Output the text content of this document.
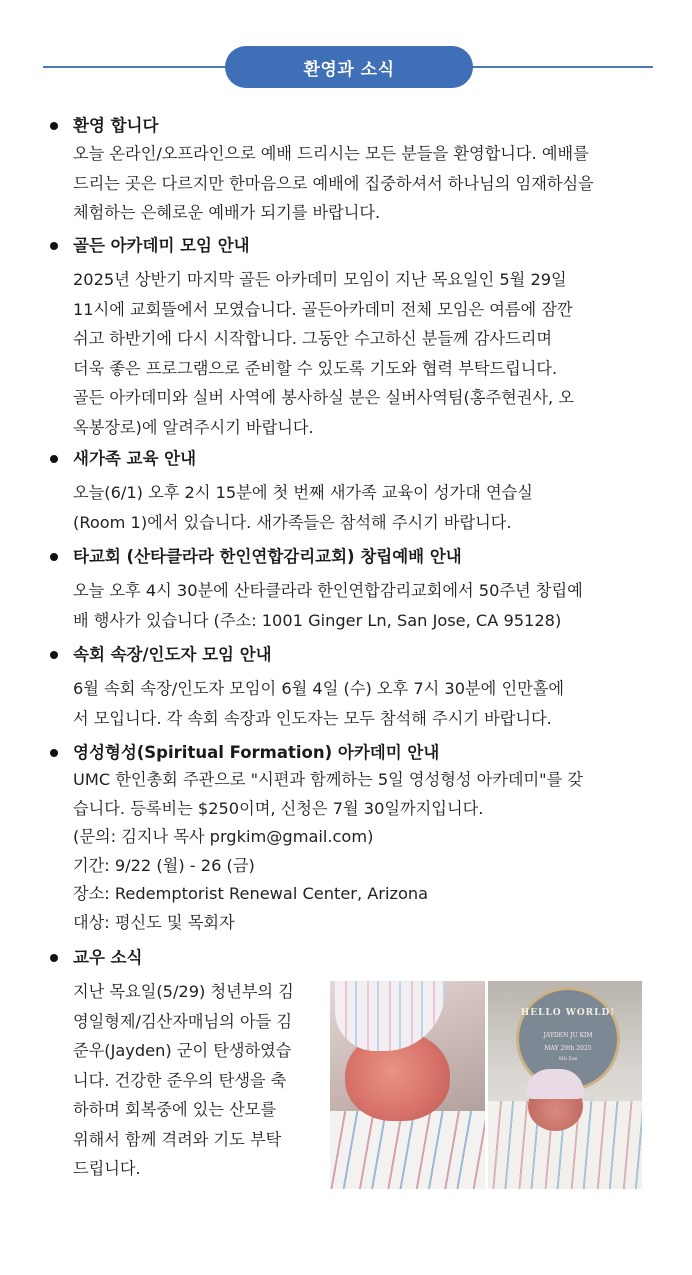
환영과 소식
환영 합니다

오늘 온라인/오프라인으로 예배 드리시는 모든 분들을 환영합니다. 예배를

드리는 곳은 다르지만 한마음으로 예배에 집중하셔서 하나님의 임재하심을

체험하는 은혜로운 예배가 되기를 바랍니다.

골든 아카데미 모임 안내

2025년 상반기 마지막 골든 아카데미 모임이 지난 목요일인 5월 29일

11시에 교회뜰에서 모였습니다. 골든아카데미 전체 모임은 여름에 잠깐

쉬고 하반기에 다시 시작합니다. 그동안 수고하신 분들께 감사드리며

더욱 좋은 프로그램으로 준비할 수 있도록 기도와 협력 부탁드립니다.

골든 아카데미와 실버 사역에 봉사하실 분은 실버사역팀(홍주현권사, 오

옥봉장로)에 알려주시기 바랍니다.

새가족 교육 안내

오늘(6/1) 오후 2시 15분에 첫 번째 새가족 교육이 성가대 연습실

(Room 1)에서 있습니다. 새가족들은 참석해 주시기 바랍니다.

타교회 (산타클라라 한인연합감리교회) 창립예배 안내

오늘 오후 4시 30분에 산타클라라 한인연합감리교회에서 50주년 창립예

배 행사가 있습니다 (주소: 1001 Ginger Ln, San Jose, CA 95128)

속회 속장/인도자 모임 안내

6월 속회 속장/인도자 모임이 6월 4일 (수) 오후 7시 30분에 인만홀에

서 모입니다. 각 속회 속장과 인도자는 모두 참석해 주시기 바랍니다.

영성형성(Spiritual Formation) 아카데미 안내

UMC 한인총회 주관으로 "시편과 함께하는 5일 영성형성 아카데미"를 갖

습니다. 등록비는 $250이며, 신청은 7월 30일까지입니다.

(문의: 김지나 목사 prgkim@gmail.com)

기간: 9/22 (월) - 26 (금)

장소: Redemptorist Renewal Center, Arizona

대상: 평신도 및 목회자

교우 소식

지난 목요일(5/29) 청년부의 김

영일형제/김산자매님의 아들 김

준우(Jayden) 군이 탄생하였습

니다. 건강한 준우의 탄생을 축

하하며 회복중에 있는 산모를

위해서 함께 격려와 기도 부탁

드립니다.

HELLO WORLD!
JAYDEN JU KIM
MAY 29th 2025
8lb 5oz
